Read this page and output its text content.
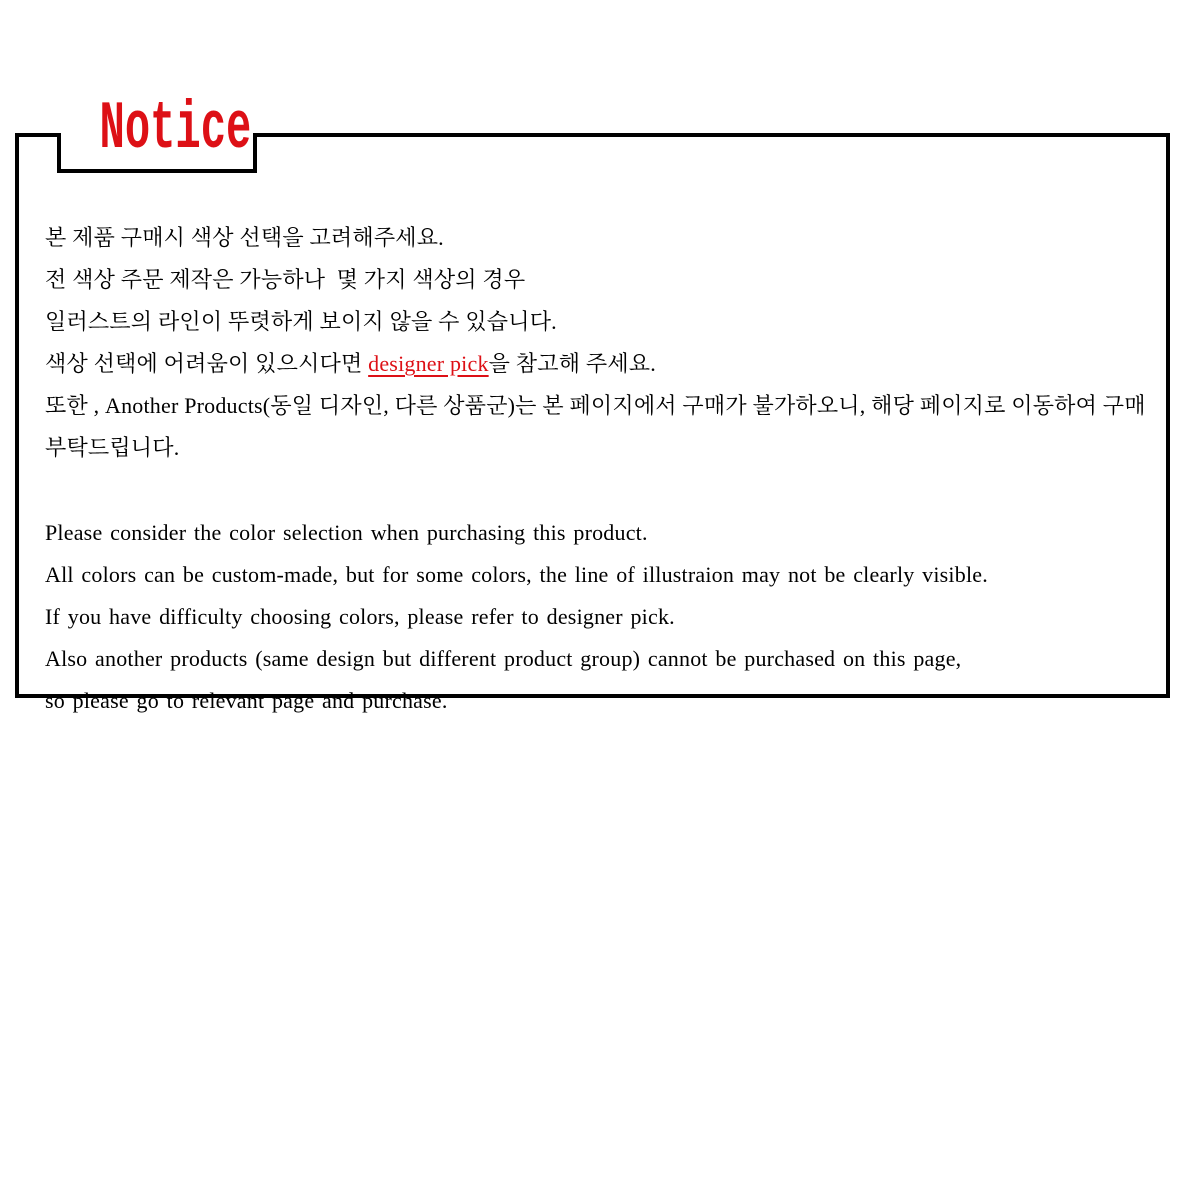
Notice
본 제품 구매시 색상 선택을 고려해주세요.
전 색상 주문 제작은 가능하나  몇 가지 색상의 경우
일러스트의 라인이 뚜렷하게 보이지 않을 수 있습니다.
색상 선택에 어려움이 있으시다면 designer pick을 참고해 주세요.
또한 , Another Products(동일 디자인, 다른 상품군)는 본 페이지에서 구매가 불가하오니, 해당 페이지로 이동하여 구매 부탁드립니다.
Please consider the color selection when purchasing this product.
All colors can be custom-made, but for some colors, the line of illustraion may not be clearly visible.
If you have difficulty choosing colors, please refer to designer pick.
Also another products (same design but different product group) cannot be purchased on this page,
so please go to relevant page and purchase.
